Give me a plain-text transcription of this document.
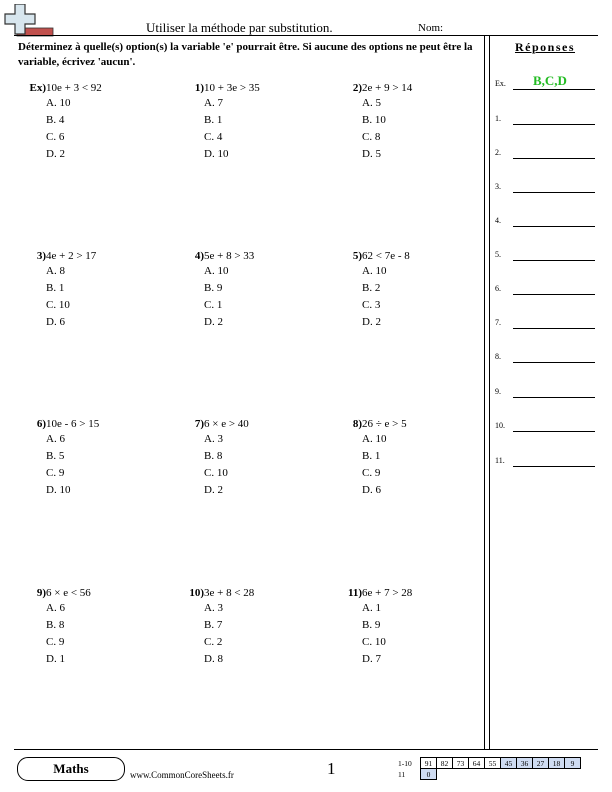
Utiliser la méthode par substitution.	Nom:
Déterminez à quelle(s) option(s) la variable 'e' pourrait être. Si aucune des options ne peut être la variable, écrivez 'aucun'.
Ex) 10e + 3 < 92
A. 10
B. 4
C. 6
D. 2
1) 10 + 3e > 35
A. 7
B. 1
C. 4
D. 10
2) 2e + 9 > 14
A. 5
B. 10
C. 8
D. 5
3) 4e + 2 > 17
A. 8
B. 1
C. 10
D. 6
4) 5e + 8 > 33
A. 10
B. 9
C. 1
D. 2
5) 62 < 7e - 8
A. 10
B. 2
C. 3
D. 2
6) 10e - 6 > 15
A. 6
B. 5
C. 9
D. 10
7) 6 × e > 40
A. 3
B. 8
C. 10
D. 2
8) 26 ÷ e > 5
A. 10
B. 1
C. 9
D. 6
9) 6 × e < 56
A. 6
B. 8
C. 9
D. 1
10) 3e + 8 < 28
A. 3
B. 7
C. 2
D. 8
11) 6e + 7 > 28
A. 1
B. 9
C. 10
D. 7
Réponses
Ex. B,C,D
1.
2.
3.
4.
5.
6.
7.
8.
9.
10.
11.
Maths	www.CommonCoreSheets.fr	1	1-10	91	82	73	64	55	45	36	27	18	9
11	0									
